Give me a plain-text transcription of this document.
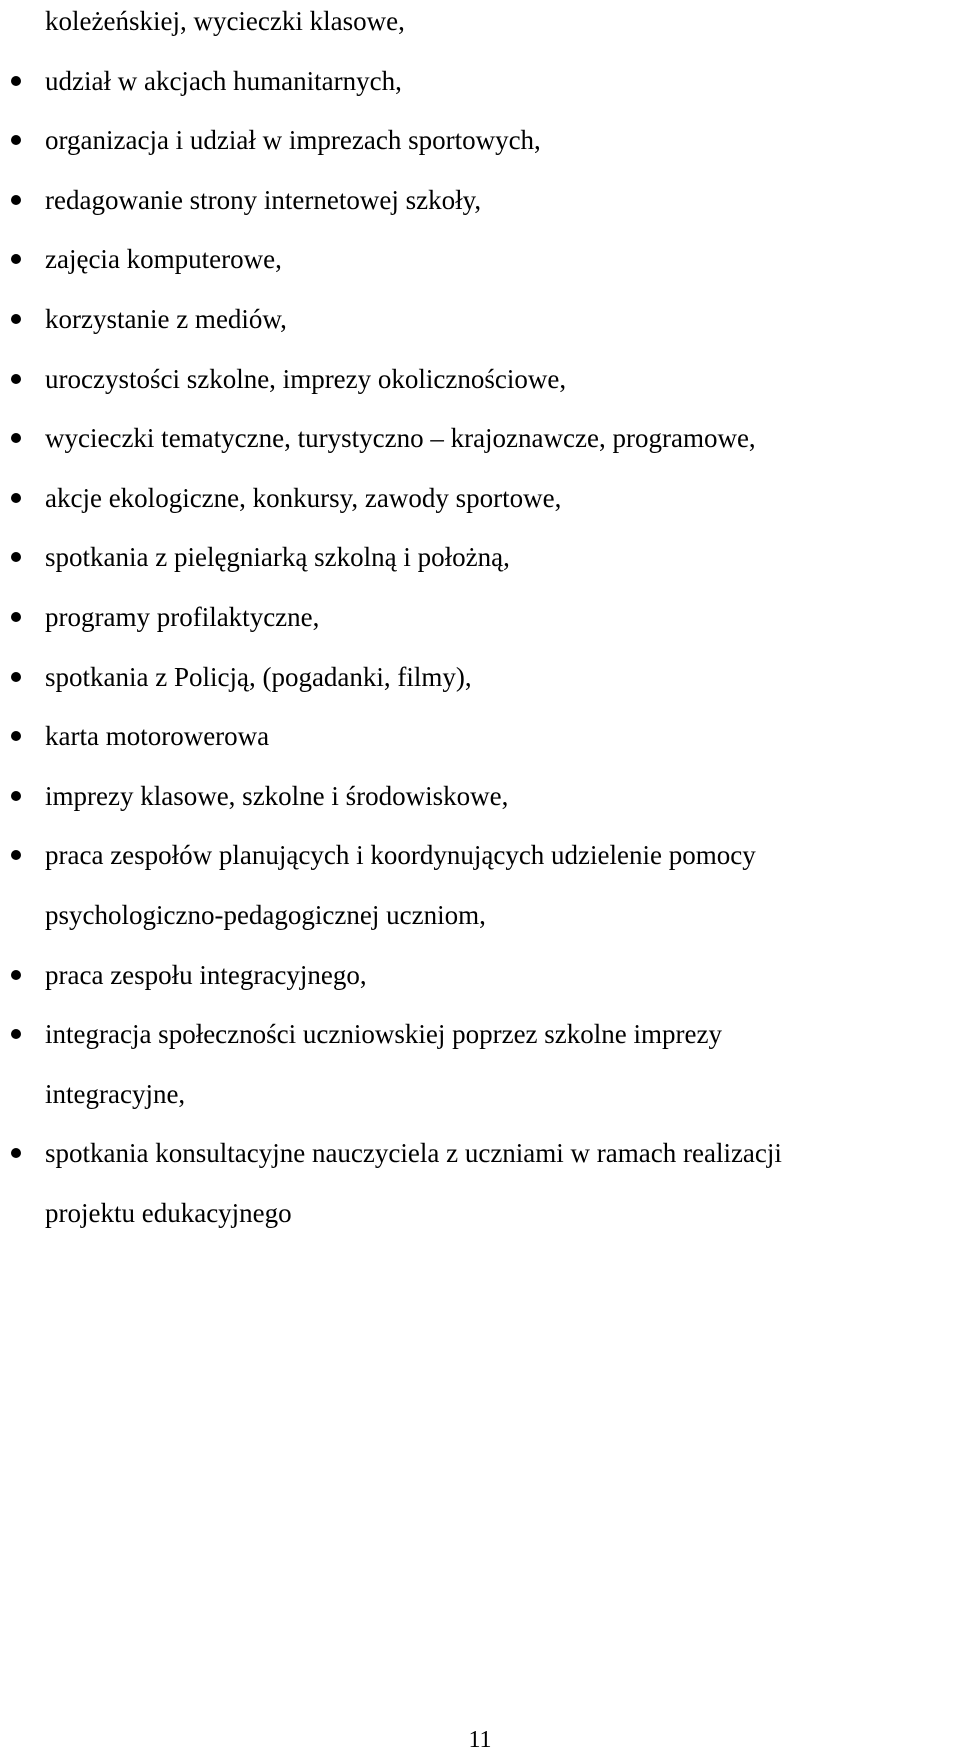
koleżeńskiej, wycieczki klasowe,
udział w akcjach humanitarnych,
organizacja i udział w imprezach sportowych,
redagowanie strony internetowej szkoły,
zajęcia komputerowe,
korzystanie z mediów,
uroczystości szkolne, imprezy okolicznościowe,
wycieczki tematyczne, turystyczno – krajoznawcze, programowe,
akcje ekologiczne, konkursy, zawody sportowe,
spotkania z pielęgniarką szkolną i położną,
programy profilaktyczne,
spotkania z Policją, (pogadanki, filmy),
karta motorowerowa
imprezy klasowe, szkolne i środowiskowe,
praca zespołów planujących i koordynujących udzielenie pomocy
psychologiczno-pedagogicznej uczniom,
praca zespołu integracyjnego,
integracja społeczności uczniowskiej poprzez szkolne imprezy
integracyjne,
spotkania konsultacyjne nauczyciela z uczniami w ramach realizacji
projektu edukacyjnego
11
